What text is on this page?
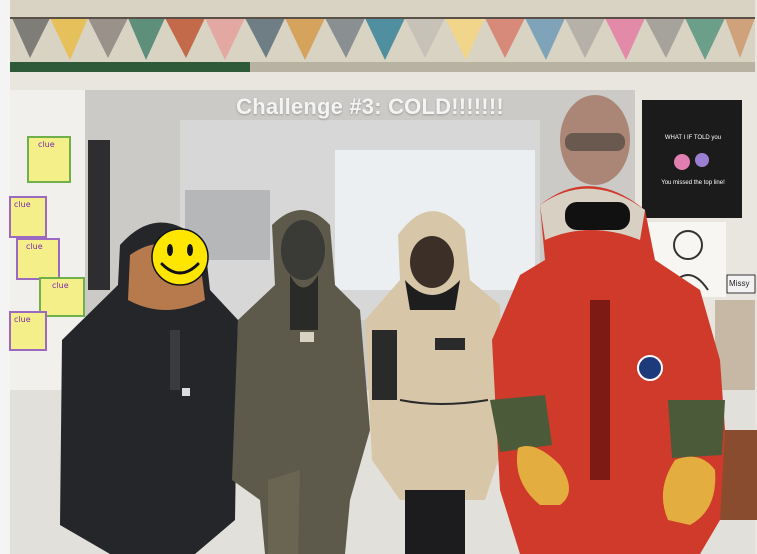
Challenge #3: COLD!!!!!!!
clue
clue
clue
clue
clue
WHAT I IF TOLD you
You missed the top line!
Missy
